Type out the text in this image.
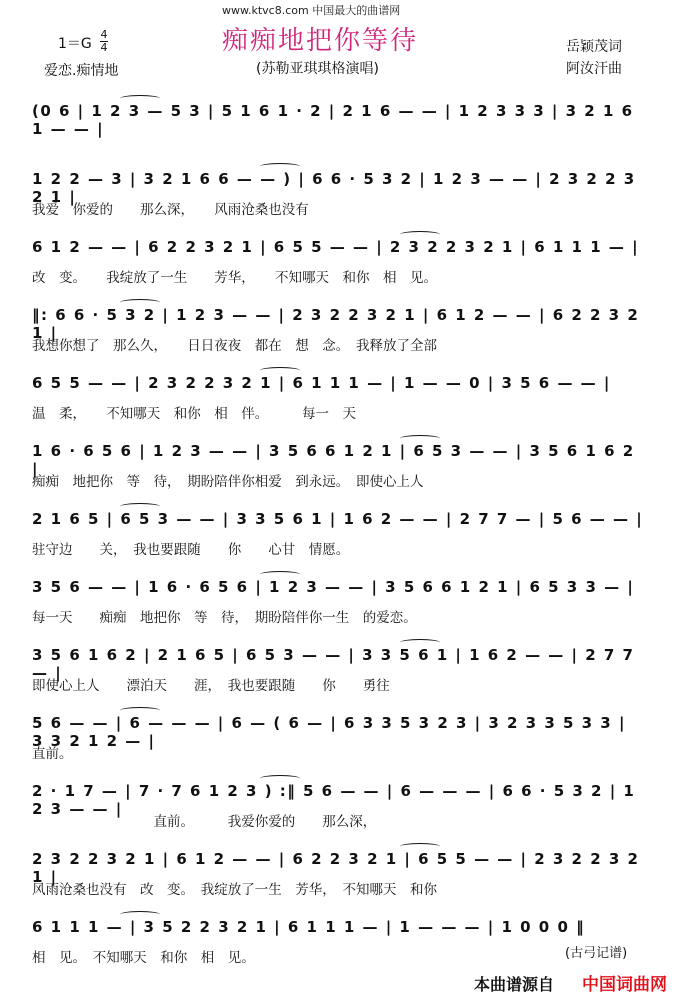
www.ktvc8.com 中国最大的曲谱网
痴痴地把你等待
1＝G
4
4
爱恋.痴情地	(苏勒亚琪琪格演唱)
岳颖茂词
阿汝汗曲
(0 6 | 1 2 3 — 5 3 | 5 1 6 1 · 2 | 2 1 6 — — | 1 2 3 3 3 | 3 2 1 6 1 — — |
1 2 2 — 3 | 3 2 1 6 6 — — ) | 6 6 · 5 3 2 | 1 2 3 — — | 2 3 2 2 3 2 1 |
我爱　你爱的　　那么深，　　风雨沧桑也没有
6 1 2 — — | 6 2 2 3 2 1 | 6 5 5 — — | 2 3 2 2 3 2 1 | 6 1 1 1 — |
改　变。　　我绽放了一生　　芳华，　　不知哪天　和你　相　见。
‖: 6 6 · 5 3 2 | 1 2 3 — — | 2 3 2 2 3 2 1 | 6 1 2 — — | 6 2 2 3 2 1 |
我想你想了　那么久，　　日日夜夜　都在　想　念。　我释放了全部
6 5 5 — — | 2 3 2 2 3 2 1 | 6 1 1 1 — | 1 — — 0 | 3 5 6 — — |
温　柔，　　不知哪天　和你　相　伴。　　　每一　天
1 6 · 6 5 6 | 1 2 3 — — | 3 5 6 6 1 2 1 | 6 5 3 — — | 3 5 6 1 6 2 |
痴痴　地把你　等　待，　期盼陪伴你相爱　到永远。　即使心上人
2 1 6 5 | 6 5 3 — — | 3 3 5 6 1 | 1 6 2 — — | 2 7 7 — | 5 6 — — |
驻守边　　关，　我也要跟随　　你　　心甘　情愿。
3 5 6 — — | 1 6 · 6 5 6 | 1 2 3 — — | 3 5 6 6 1 2 1 | 6 5 3 3 — |
每一天　　痴痴　地把你　等　待，　期盼陪伴你一生　的爱恋。
3 5 6 1 6 2 | 2 1 6 5 | 6 5 3 — — | 3 3 5 6 1 | 1 6 2 — — | 2 7 7 — |
即使心上人　　漂泊天　　涯，　我也要跟随　　你　　勇往
5 6 — — | 6 — — — | 6 — ( 6 — | 6 3 3 5 3 2 3 | 3 2 3 3 5 3 3 | 3 3 2 1 2 — |
直前。
2 · 1 7 — | 7 · 7 6 1 2 3 ) :‖ 5 6 — — | 6 — — — | 6 6 · 5 3 2 | 1 2 3 — — |
　　　　　　　　　直前。　　　我爱你爱的　　那么深，
2 3 2 2 3 2 1 | 6 1 2 — — | 6 2 2 3 2 1 | 6 5 5 — — | 2 3 2 2 3 2 1 |
风雨沧桑也没有　改　变。　我绽放了一生　芳华，　不知哪天　和你
6 1 1 1 — | 3 5 2 2 3 2 1 | 6 1 1 1 — | 1 — — — | 1 0 0 0 ‖
相　见。　不知哪天　和你　相　见。	(古弓记谱)
本曲谱源自 中国词曲网
